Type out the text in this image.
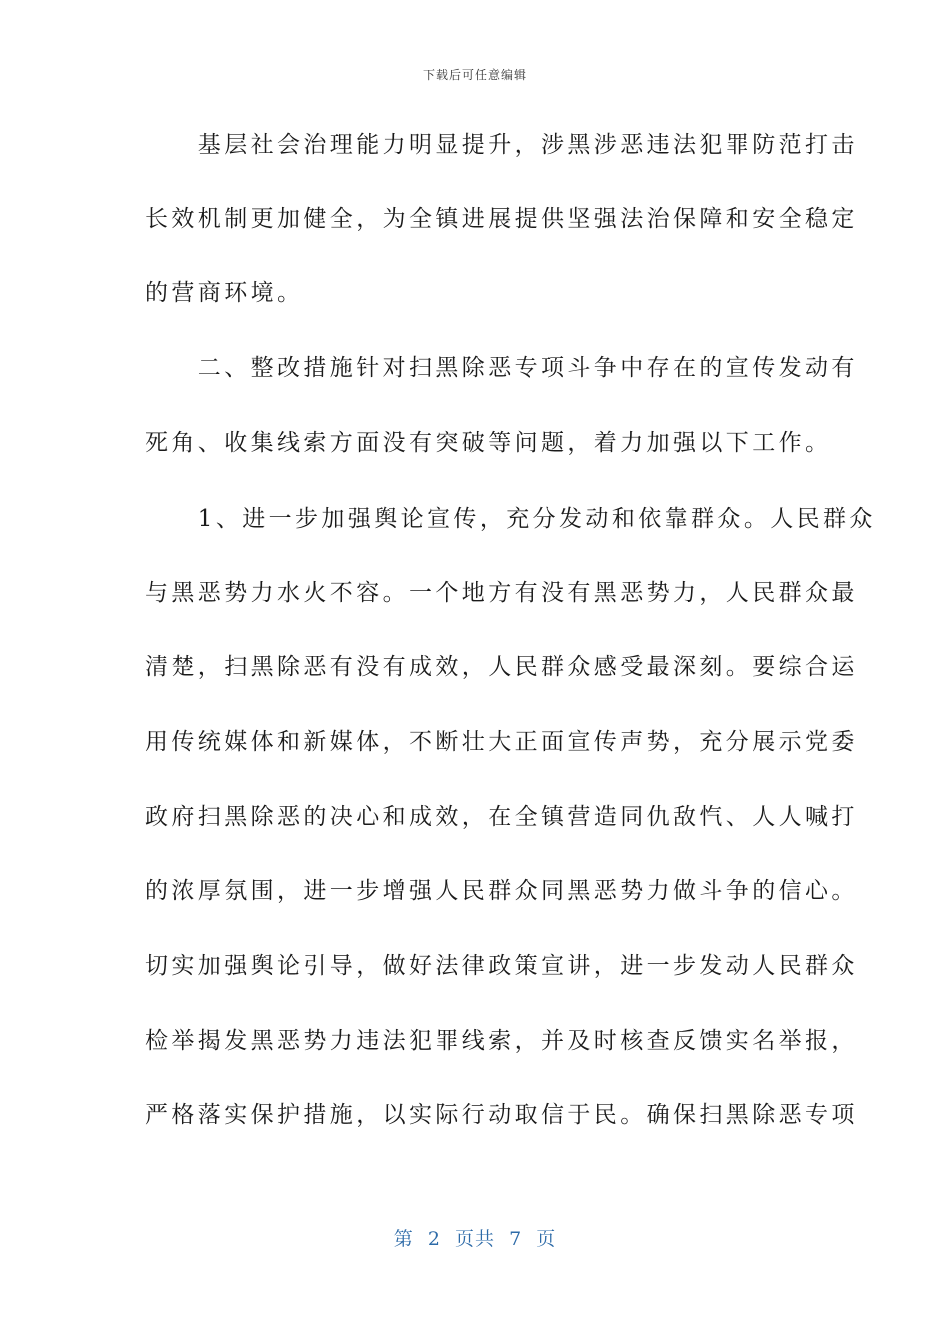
下载后可任意编辑
　　基层社会治理能力明显提升，涉黑涉恶违法犯罪防范打击
长效机制更加健全，为全镇进展提供坚强法治保障和安全稳定
的营商环境。
　　二、整改措施针对扫黑除恶专项斗争中存在的宣传发动有
死角、收集线索方面没有突破等问题，着力加强以下工作。
　　1、进一步加强舆论宣传，充分发动和依靠群众。人民群众
与黑恶势力水火不容。一个地方有没有黑恶势力，人民群众最
清楚，扫黑除恶有没有成效，人民群众感受最深刻。要综合运
用传统媒体和新媒体，不断壮大正面宣传声势，充分展示党委
政府扫黑除恶的决心和成效，在全镇营造同仇敌忾、人人喊打
的浓厚氛围，进一步增强人民群众同黑恶势力做斗争的信心。
切实加强舆论引导，做好法律政策宣讲，进一步发动人民群众
检举揭发黑恶势力违法犯罪线索，并及时核查反馈实名举报，
严格落实保护措施，以实际行动取信于民。确保扫黑除恶专项
第  2  页共  7  页
